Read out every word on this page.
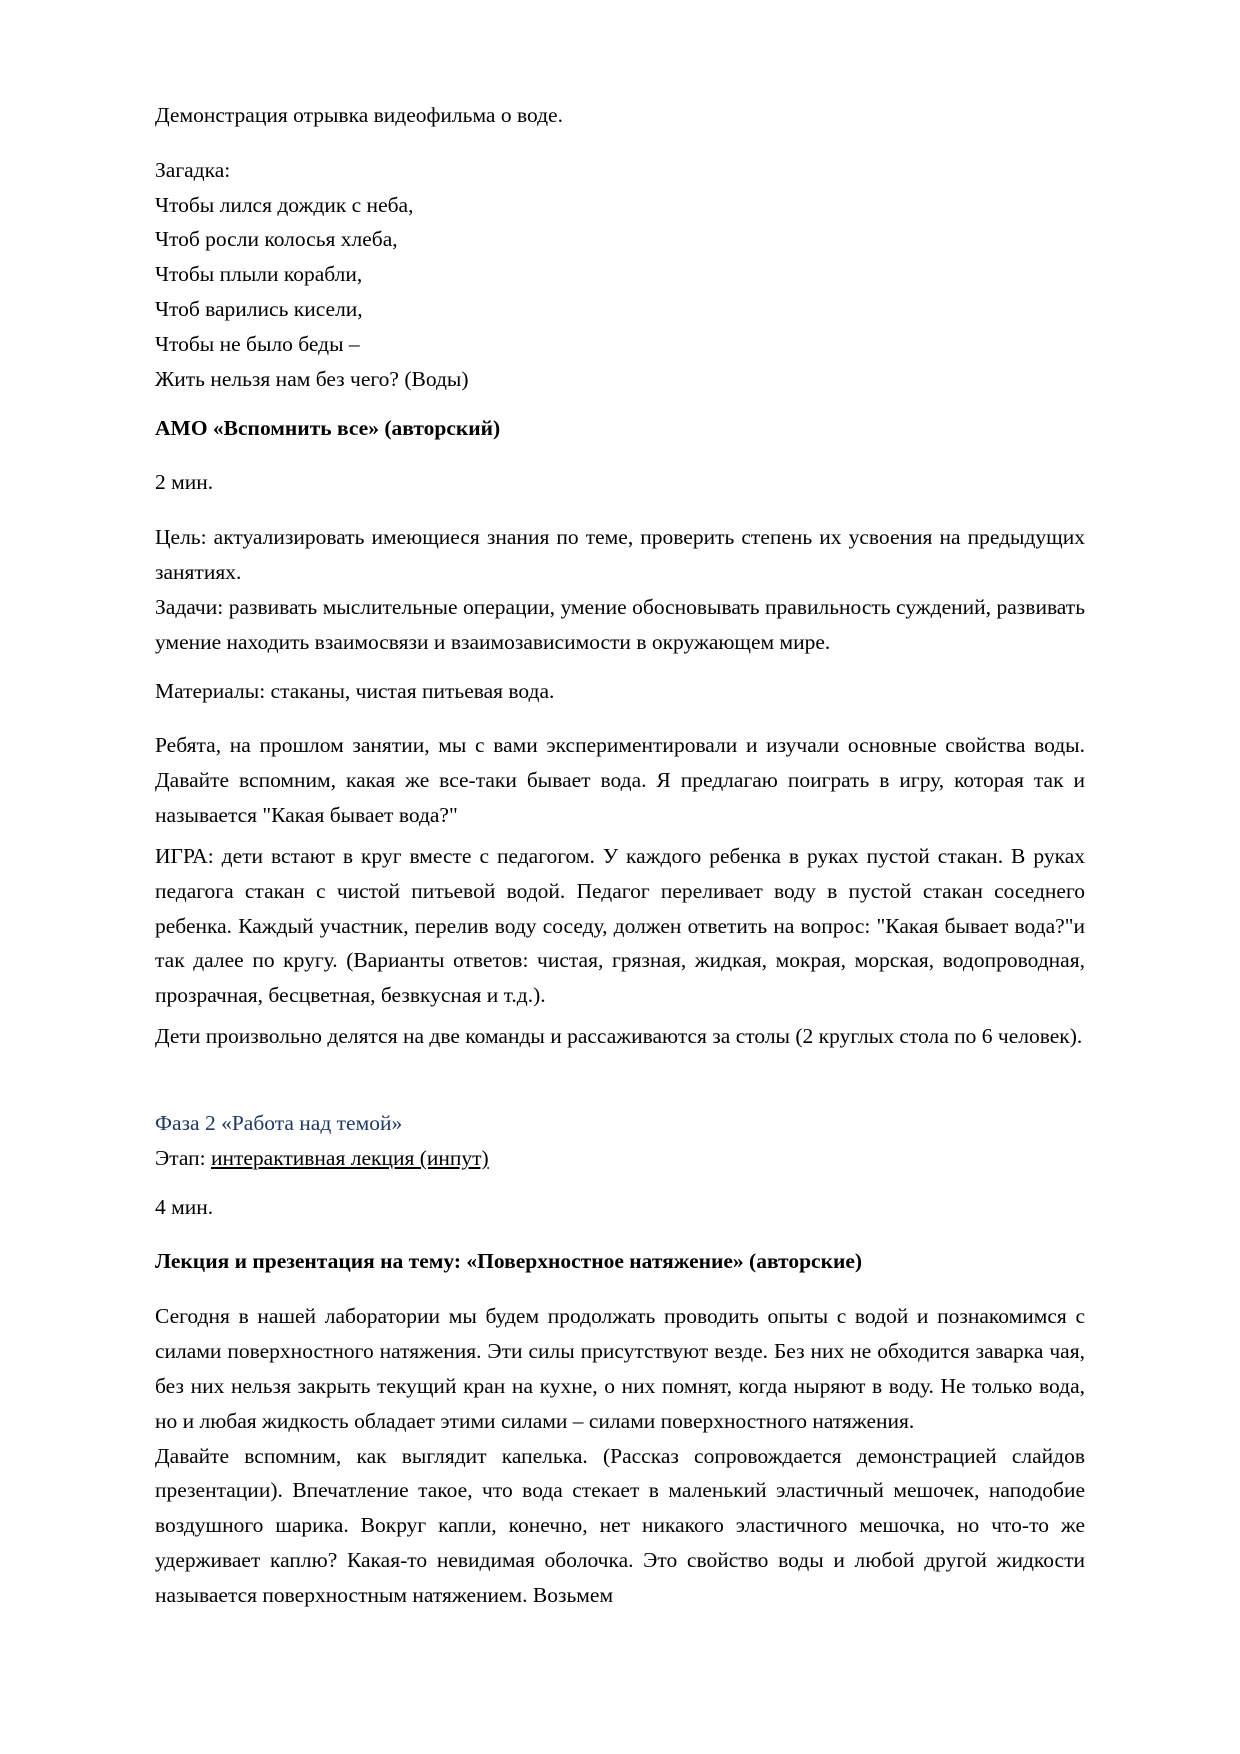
Демонстрация отрывка видеофильма о воде.

Загадка:

Чтобы лился дождик с неба,

Чтоб росли колосья хлеба,

Чтобы плыли корабли,

Чтоб варились кисели,

Чтобы не было беды –

Жить нельзя нам без чего? (Воды)

АМО «Вспомнить все» (авторский)

2 мин.

Цель: актуализировать имеющиеся знания по теме, проверить степень их усвоения на предыдущих занятиях.

Задачи: развивать мыслительные операции, умение обосновывать правильность суждений, развивать умение находить взаимосвязи и взаимозависимости в окружающем мире.

Материалы: стаканы, чистая питьевая вода.

Ребята, на прошлом занятии, мы с вами экспериментировали и изучали основные свойства воды. Давайте вспомним, какая же все-таки бывает вода. Я предлагаю поиграть в игру, которая так и называется "Какая бывает вода?"

ИГРА: дети встают в круг вместе с педагогом. У каждого ребенка в руках пустой стакан. В руках педагога стакан с чистой питьевой водой. Педагог переливает воду в пустой стакан соседнего ребенка. Каждый участник, перелив воду соседу, должен ответить на вопрос: "Какая бывает вода?"и так далее по кругу. (Варианты ответов: чистая, грязная, жидкая, мокрая, морская, водопроводная, прозрачная, бесцветная, безвкусная и т.д.).

Дети произвольно делятся на две команды и рассаживаются за столы (2 круглых стола по 6 человек).

Фаза 2 «Работа над темой»

Этап: интерактивная лекция (инпут)

4 мин.

Лекция и презентация на тему: «Поверхностное натяжение» (авторские)

Сегодня в нашей лаборатории мы будем продолжать проводить опыты с водой и познакомимся с силами поверхностного натяжения. Эти силы присутствуют везде. Без них не обходится заварка чая, без них нельзя закрыть текущий кран на кухне, о них помнят, когда ныряют в воду. Не только вода, но и любая жидкость обладает этими силами – силами поверхностного натяжения.

Давайте вспомним, как выглядит капелька. (Рассказ сопровождается демонстрацией слайдов презентации). Впечатление такое, что вода стекает в маленький эластичный мешочек, наподобие воздушного шарика. Вокруг капли, конечно, нет никакого эластичного мешочка, но что-то же удерживает каплю? Какая-то невидимая оболочка. Это свойство воды и любой другой жидкости называется поверхностным натяжением. Возьмем
